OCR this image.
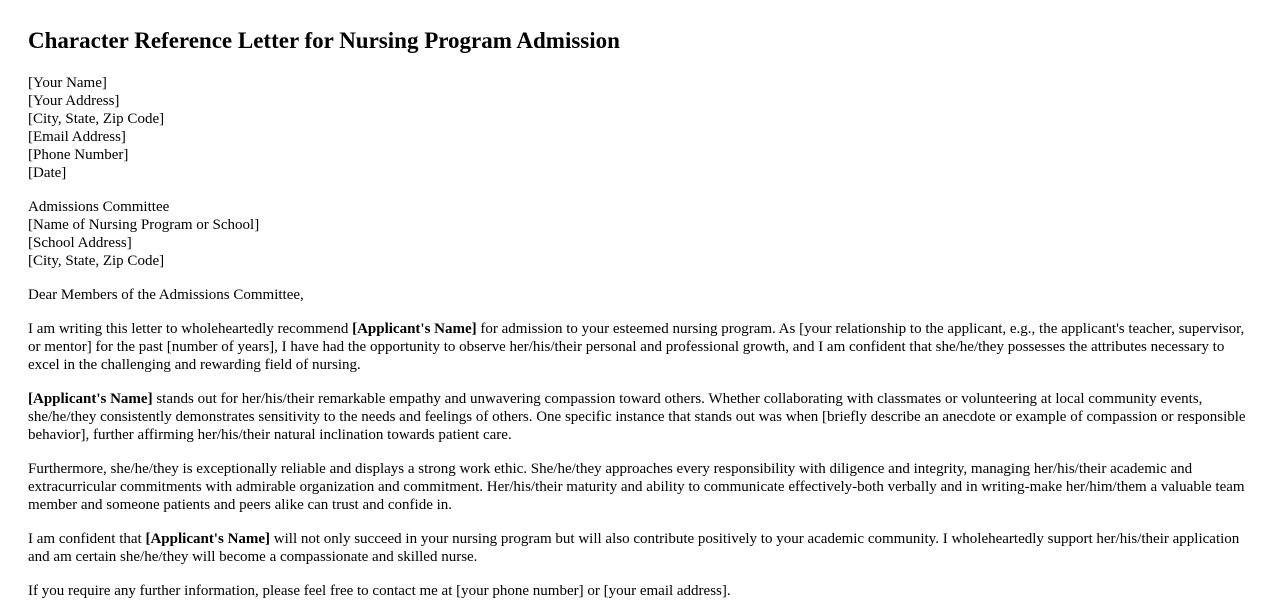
Character Reference Letter for Nursing Program Admission
[Your Name]
[Your Address]
[City, State, Zip Code]
[Email Address]
[Phone Number]
[Date]
Admissions Committee
[Name of Nursing Program or School]
[School Address]
[City, State, Zip Code]
Dear Members of the Admissions Committee,

I am writing this letter to wholeheartedly recommend [Applicant's Name] for admission to your esteemed nursing program. As [your relationship to the applicant, e.g., the applicant's teacher, supervisor, or mentor] for the past [number of years], I have had the opportunity to observe her/his/their personal and professional growth, and I am confident that she/he/they possesses the attributes necessary to excel in the challenging and rewarding field of nursing.

[Applicant's Name] stands out for her/his/their remarkable empathy and unwavering compassion toward others. Whether collaborating with classmates or volunteering at local community events, she/he/they consistently demonstrates sensitivity to the needs and feelings of others. One specific instance that stands out was when [briefly describe an anecdote or example of compassion or responsible behavior], further affirming her/his/their natural inclination towards patient care.

Furthermore, she/he/they is exceptionally reliable and displays a strong work ethic. She/he/they approaches every responsibility with diligence and integrity, managing her/his/their academic and extracurricular commitments with admirable organization and commitment. Her/his/their maturity and ability to communicate effectively-both verbally and in writing-make her/him/them a valuable team member and someone patients and peers alike can trust and confide in.

I am confident that [Applicant's Name] will not only succeed in your nursing program but will also contribute positively to your academic community. I wholeheartedly support her/his/their application and am certain she/he/they will become a compassionate and skilled nurse.

If you require any further information, please feel free to contact me at [your phone number] or [your email address].
